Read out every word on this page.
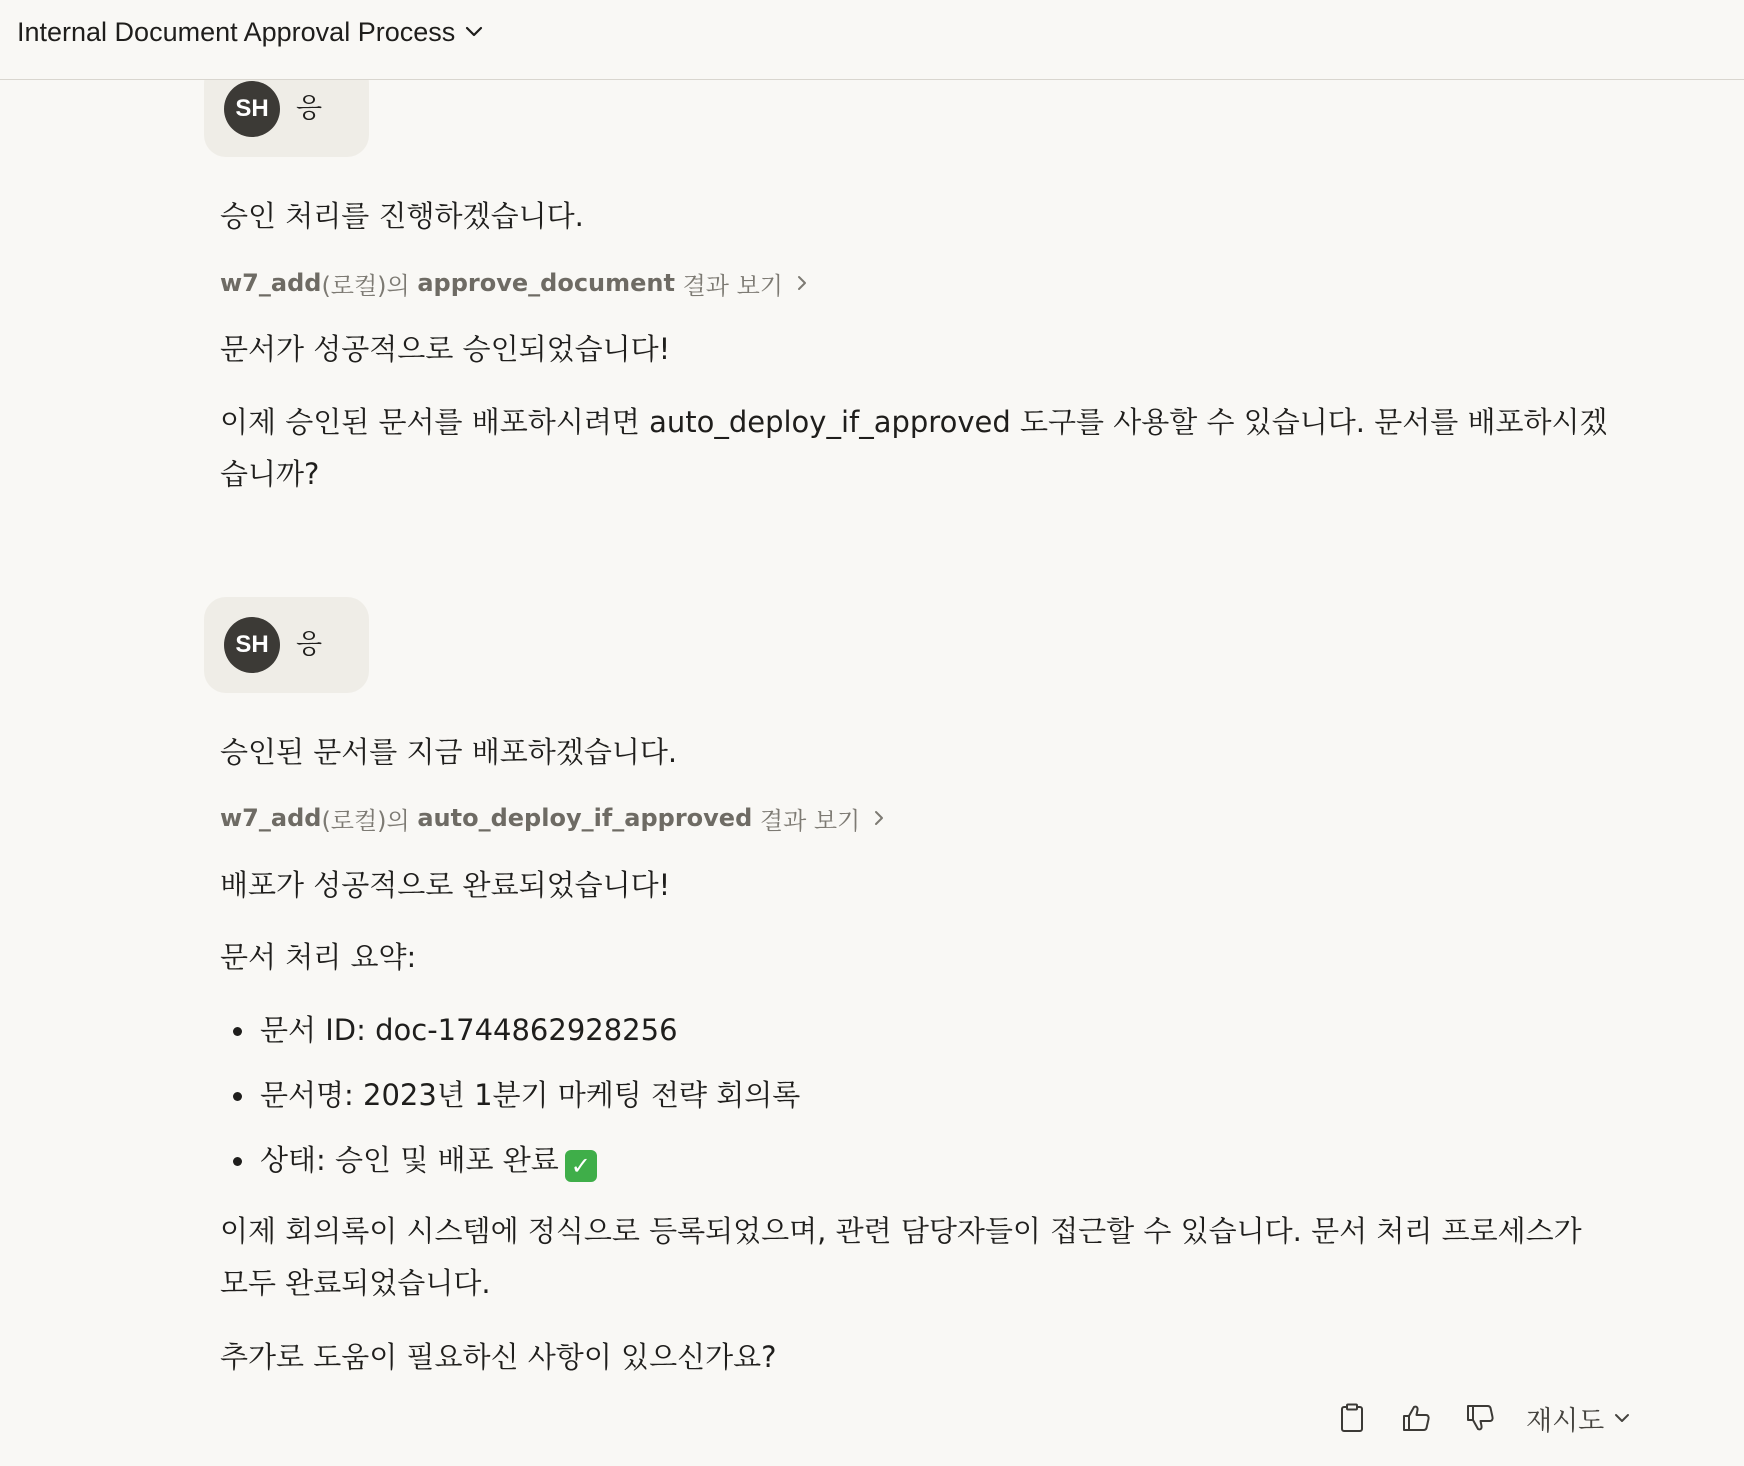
Internal Document Approval Process
SH	응

승인 처리를 진행하겠습니다.

w7_add (로컬)의 approve_document 결과 보기

문서가 성공적으로 승인되었습니다!

이제 승인된 문서를 배포하시려면 auto_deploy_if_approved 도구를 사용할 수 있습니다. 문서를 배포하시겠습니까?

SH	응

승인된 문서를 지금 배포하겠습니다.

w7_add (로컬)의 auto_deploy_if_approved 결과 보기

배포가 성공적으로 완료되었습니다!

문서 처리 요약:

문서 ID: doc-1744862928256
문서명: 2023년 1분기 마케팅 전략 회의록
상태: 승인 및 배포 완료 ✓

이제 회의록이 시스템에 정식으로 등록되었으며, 관련 담당자들이 접근할 수 있습니다. 문서 처리 프로세스가 모두 완료되었습니다.

추가로 도움이 필요하신 사항이 있으신가요?

재시도
